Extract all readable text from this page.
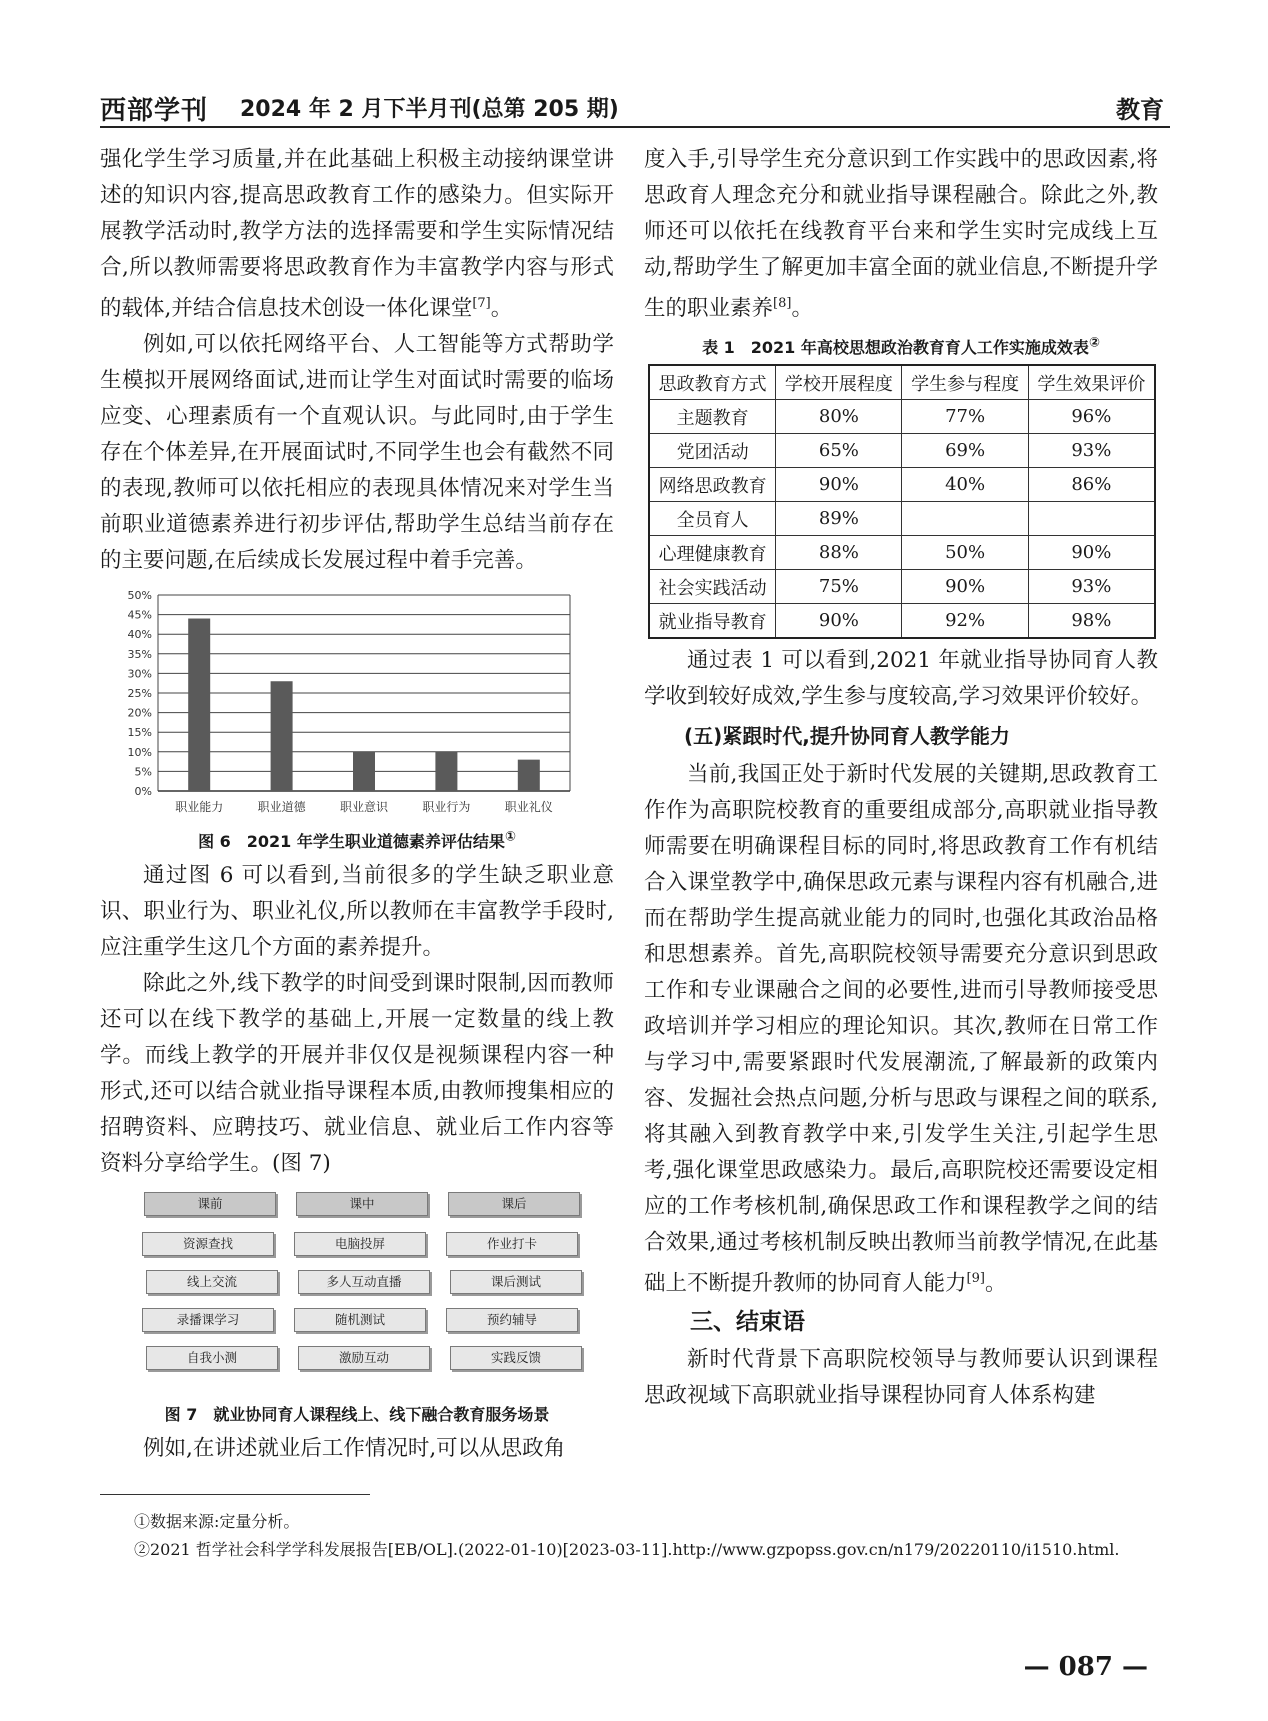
西部学刊 2024 年 2 月下半月刊(总第 205 期)	教育

强化学生学习质量,并在此基础上积极主动接纳课堂讲述的知识内容,提高思政教育工作的感染力。但实际开展教学活动时,教学方法的选择需要和学生实际情况结合,所以教师需要将思政教育作为丰富教学内容与形式的载体,并结合信息技术创设一体化课堂[7]。

例如,可以依托网络平台、人工智能等方式帮助学生模拟开展网络面试,进而让学生对面试时需要的临场应变、心理素质有一个直观认识。与此同时,由于学生存在个体差异,在开展面试时,不同学生也会有截然不同的表现,教师可以依托相应的表现具体情况来对学生当前职业道德素养进行初步评估,帮助学生总结当前存在的主要问题,在后续成长发展过程中着手完善。

0%
5%
10%
15%
20%
25%
30%
35%
40%
45%
50%
职业能力	职业道德	职业意识	职业行为	职业礼仪
图 6　2021 年学生职业道德素养评估结果①

通过图 6 可以看到,当前很多的学生缺乏职业意识、职业行为、职业礼仪,所以教师在丰富教学手段时,应注重学生这几个方面的素养提升。

除此之外,线下教学的时间受到课时限制,因而教师还可以在线下教学的基础上,开展一定数量的线上教学。而线上教学的开展并非仅仅是视频课程内容一种形式,还可以结合就业指导课程本质,由教师搜集相应的招聘资料、应聘技巧、就业信息、就业后工作内容等资料分享给学生。(图 7)

课前
资源查找
线上交流
录播课学习
自我小测
课中
电脑投屏
多人互动直播
随机测试
激励互动
课后
作业打卡
课后测试
预约辅导
实践反馈
图 7　就业协同育人课程线上、线下融合教育服务场景

例如,在讲述就业后工作情况时,可以从思政角

度入手,引导学生充分意识到工作实践中的思政因素,将思政育人理念充分和就业指导课程融合。除此之外,教师还可以依托在线教育平台来和学生实时完成线上互动,帮助学生了解更加丰富全面的就业信息,不断提升学生的职业素养[8]。

表 1　2021 年高校思想政治教育育人工作实施成效表②
思政教育方式	学校开展程度	学生参与程度	学生效果评价
主题教育	80%	77%	96%
党团活动	65%	69%	93%
网络思政教育	90%	40%	86%
全员育人	89%		
心理健康教育	88%	50%	90%
社会实践活动	75%	90%	93%
就业指导教育	90%	92%	98%

通过表 1 可以看到,2021 年就业指导协同育人教学收到较好成效,学生参与度较高,学习效果评价较好。

(五)紧跟时代,提升协同育人教学能力

当前,我国正处于新时代发展的关键期,思政教育工作作为高职院校教育的重要组成部分,高职就业指导教师需要在明确课程目标的同时,将思政教育工作有机结合入课堂教学中,确保思政元素与课程内容有机融合,进而在帮助学生提高就业能力的同时,也强化其政治品格和思想素养。首先,高职院校领导需要充分意识到思政工作和专业课融合之间的必要性,进而引导教师接受思政培训并学习相应的理论知识。其次,教师在日常工作与学习中,需要紧跟时代发展潮流,了解最新的政策内容、发掘社会热点问题,分析与思政与课程之间的联系,将其融入到教育教学中来,引发学生关注,引起学生思考,强化课堂思政感染力。最后,高职院校还需要设定相应的工作考核机制,确保思政工作和课程教学之间的结合效果,通过考核机制反映出教师当前教学情况,在此基础上不断提升教师的协同育人能力[9]。

三、结束语

新时代背景下高职院校领导与教师要认识到课程思政视域下高职就业指导课程协同育人体系构建

①数据来源:定量分析。
②2021 哲学社会科学学科发展报告[EB/OL].(2022-01-10)[2023-03-11].http://www.gzpopss.gov.cn/n179/20220110/i1510.html.
— 087 —
